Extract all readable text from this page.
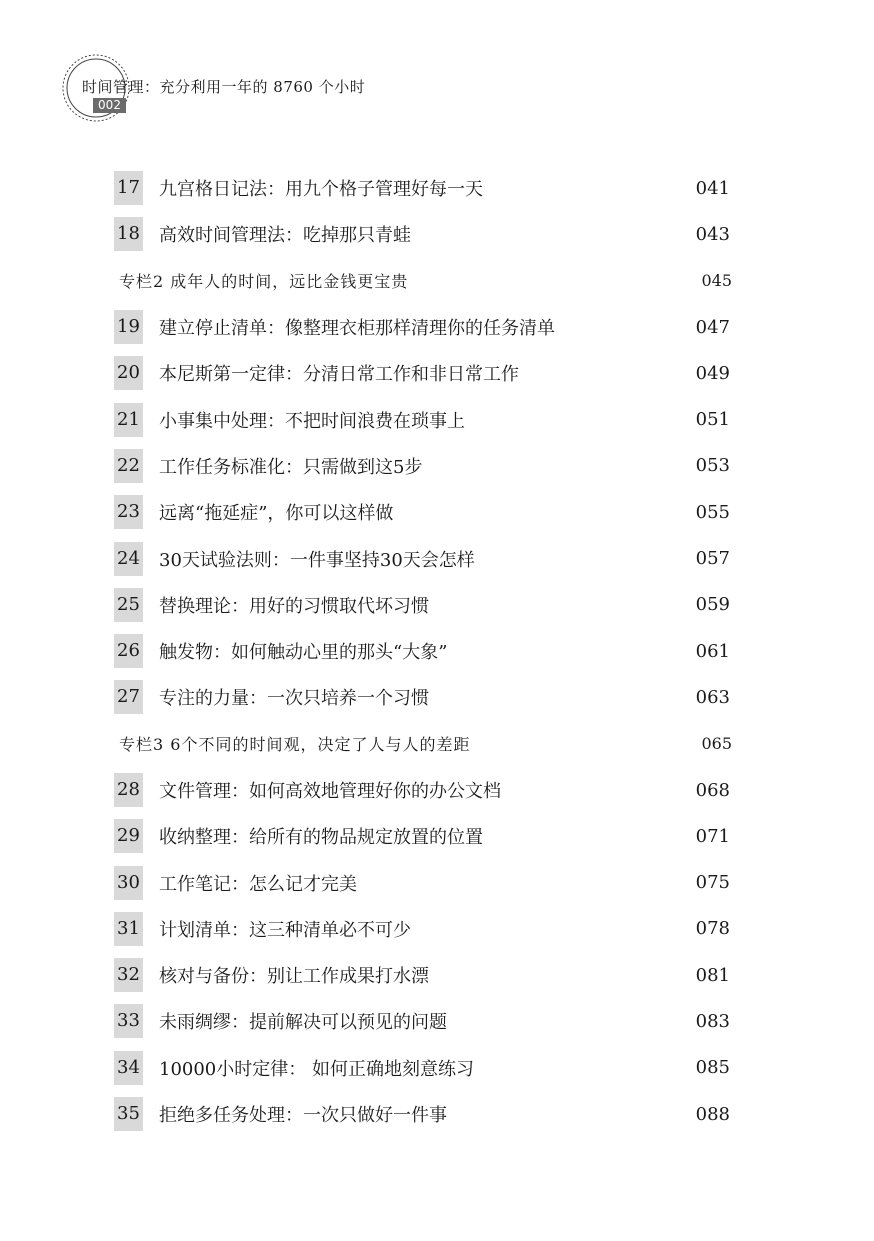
时间管理：充分利用一年的 8760 个小时
002
17 九宫格日记法：用九个格子管理好每一天	041
18 高效时间管理法：吃掉那只青蛙	043
专栏2 成年人的时间，远比金钱更宝贵	045
19 建立停止清单：像整理衣柜那样清理你的任务清单	047
20 本尼斯第一定律：分清日常工作和非日常工作	049
21 小事集中处理：不把时间浪费在琐事上	051
22 工作任务标准化：只需做到这5步	053
23 远离“拖延症”，你可以这样做	055
24 30天试验法则：一件事坚持30天会怎样	057
25 替换理论：用好的习惯取代坏习惯	059
26 触发物：如何触动心里的那头“大象”	061
27 专注的力量：一次只培养一个习惯	063
专栏3 6个不同的时间观，决定了人与人的差距	065
28 文件管理：如何高效地管理好你的办公文档	068
29 收纳整理：给所有的物品规定放置的位置	071
30 工作笔记：怎么记才完美	075
31 计划清单：这三种清单必不可少	078
32 核对与备份：别让工作成果打水漂	081
33 未雨绸缪：提前解决可以预见的问题	083
34 10000小时定律： 如何正确地刻意练习	085
35 拒绝多任务处理：一次只做好一件事	088
